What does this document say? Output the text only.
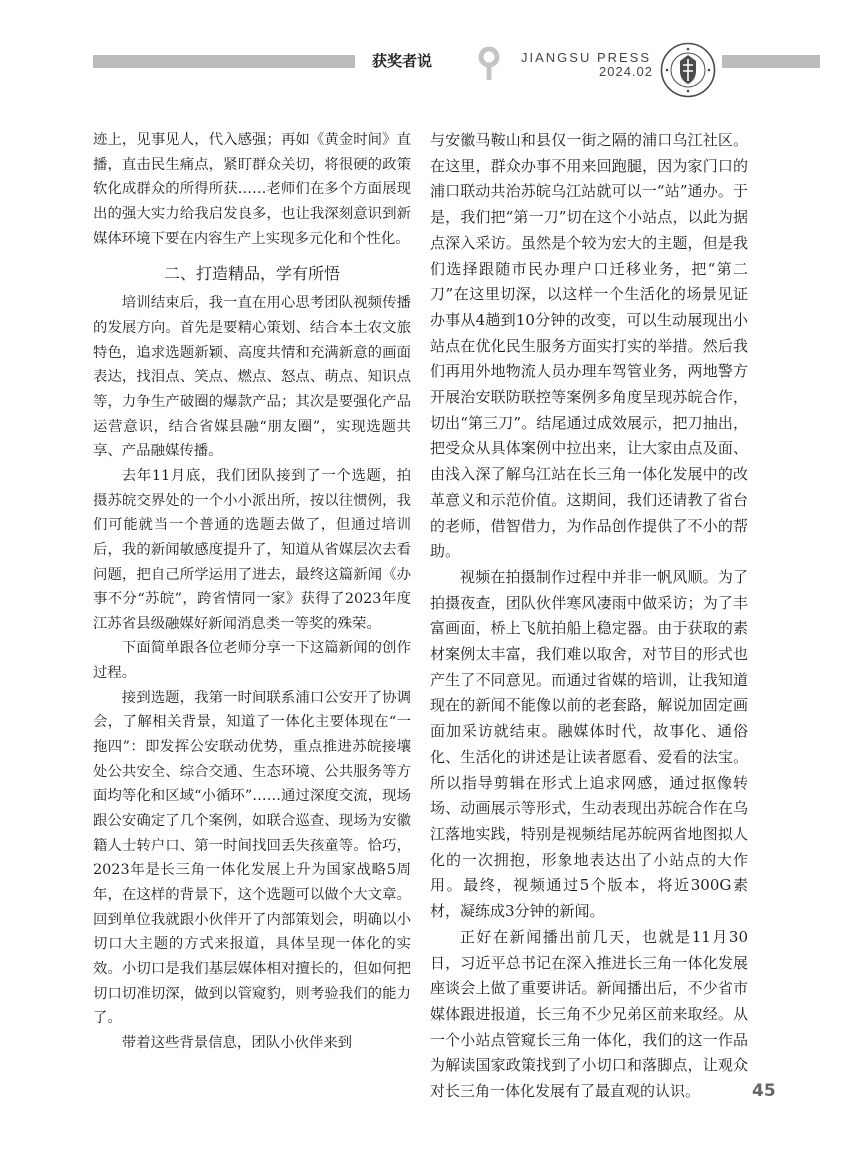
获奖者说	JIANGSU PRESS
2024.02

迹上，见事见人，代入感强；再如《黄金时间》直播，直击民生痛点，紧盯群众关切，将很硬的政策软化成群众的所得所获……老师们在多个方面展现出的强大实力给我启发良多，也让我深刻意识到新媒体环境下要在内容生产上实现多元化和个性化。

二、打造精品，学有所悟

培训结束后，我一直在用心思考团队视频传播的发展方向。首先是要精心策划、结合本土农文旅特色，追求选题新颖、高度共情和充满新意的画面表达，找泪点、笑点、燃点、怒点、萌点、知识点等，力争生产破圈的爆款产品；其次是要强化产品运营意识，结合省媒县融“朋友圈”，实现选题共享、产品融媒传播。

去年11月底，我们团队接到了一个选题，拍摄苏皖交界处的一个小小派出所，按以往惯例，我们可能就当一个普通的选题去做了，但通过培训后，我的新闻敏感度提升了，知道从省媒层次去看问题，把自己所学运用了进去，最终这篇新闻《办事不分“苏皖”，跨省情同一家》获得了2023年度江苏省县级融媒好新闻消息类一等奖的殊荣。

下面简单跟各位老师分享一下这篇新闻的创作过程。

接到选题，我第一时间联系浦口公安开了协调会，了解相关背景，知道了一体化主要体现在“一拖四”：即发挥公安联动优势，重点推进苏皖接壤处公共安全、综合交通、生态环境、公共服务等方面均等化和区域“小循环”……通过深度交流，现场跟公安确定了几个案例，如联合巡查、现场为安徽籍人士转户口、第一时间找回丢失孩童等。恰巧，2023年是长三角一体化发展上升为国家战略5周年，在这样的背景下，这个选题可以做个大文章。回到单位我就跟小伙伴开了内部策划会，明确以小切口大主题的方式来报道，具体呈现一体化的实效。小切口是我们基层媒体相对擅长的，但如何把切口切准切深，做到以管窥豹，则考验我们的能力了。

带着这些背景信息，团队小伙伴来到

与安徽马鞍山和县仅一街之隔的浦口乌江社区。在这里，群众办事不用来回跑腿，因为家门口的浦口联动共治苏皖乌江站就可以一“站”通办。于是，我们把“第一刀”切在这个小站点，以此为据点深入采访。虽然是个较为宏大的主题，但是我们选择跟随市民办理户口迁移业务，把“第二刀”在这里切深，以这样一个生活化的场景见证办事从4趟到10分钟的改变，可以生动展现出小站点在优化民生服务方面实打实的举措。然后我们再用外地物流人员办理车驾管业务，两地警方开展治安联防联控等案例多角度呈现苏皖合作，切出“第三刀”。结尾通过成效展示，把刀抽出，把受众从具体案例中拉出来，让大家由点及面、由浅入深了解乌江站在长三角一体化发展中的改革意义和示范价值。这期间，我们还请教了省台的老师，借智借力，为作品创作提供了不小的帮助。

视频在拍摄制作过程中并非一帆风顺。为了拍摄夜查，团队伙伴寒风凄雨中做采访；为了丰富画面，桥上飞航拍船上稳定器。由于获取的素材案例太丰富，我们难以取舍，对节目的形式也产生了不同意见。而通过省媒的培训，让我知道现在的新闻不能像以前的老套路，解说加固定画面加采访就结束。融媒体时代，故事化、通俗化、生活化的讲述是让读者愿看、爱看的法宝。所以指导剪辑在形式上追求网感，通过抠像转场、动画展示等形式，生动表现出苏皖合作在乌江落地实践，特别是视频结尾苏皖两省地图拟人化的一次拥抱，形象地表达出了小站点的大作用。最终，视频通过5个版本，将近300G素材，凝练成3分钟的新闻。

正好在新闻播出前几天，也就是11月30日，习近平总书记在深入推进长三角一体化发展座谈会上做了重要讲话。新闻播出后，不少省市媒体跟进报道，长三角不少兄弟区前来取经。从一个小站点管窥长三角一体化，我们的这一作品为解读国家政策找到了小切口和落脚点，让观众对长三角一体化发展有了最直观的认识。	45
